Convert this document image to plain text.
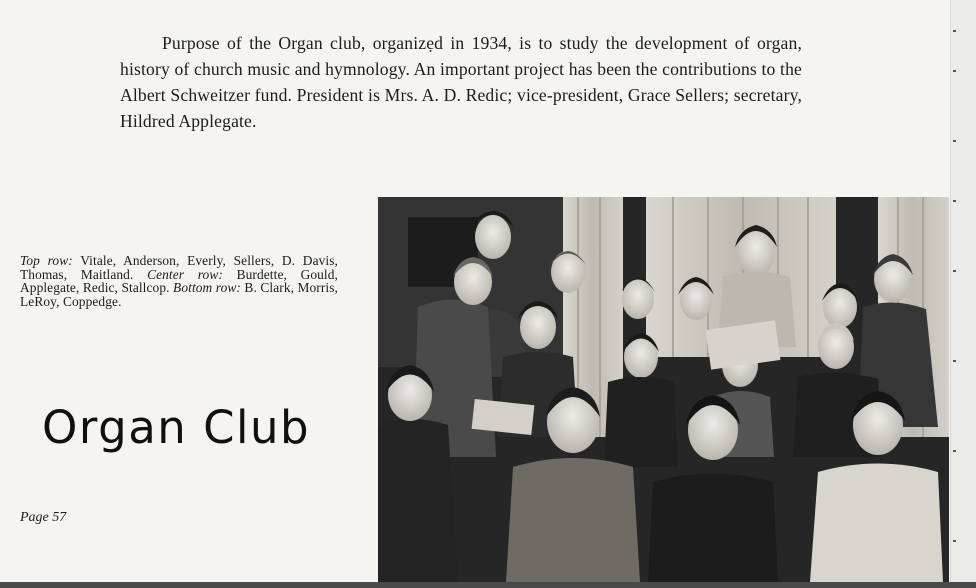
Purpose of the Organ club, organizẹd in 1934, is to study the development of organ, history of church music and hymnology. An important project has been the contributions to the Albert Schweitzer fund. President is Mrs. A. D. Redic; vice-president, Grace Sellers; secretary, Hildred Applegate.

Top row: Vitale, Anderson, Everly, Sellers, D. Davis, Thomas, Maitland. Center row: Burdette, Gould, Applegate, Redic, Stallcop. Bottom row: B. Clark, Morris, LeRoy, Coppedge.
Organ Club
Page 57
